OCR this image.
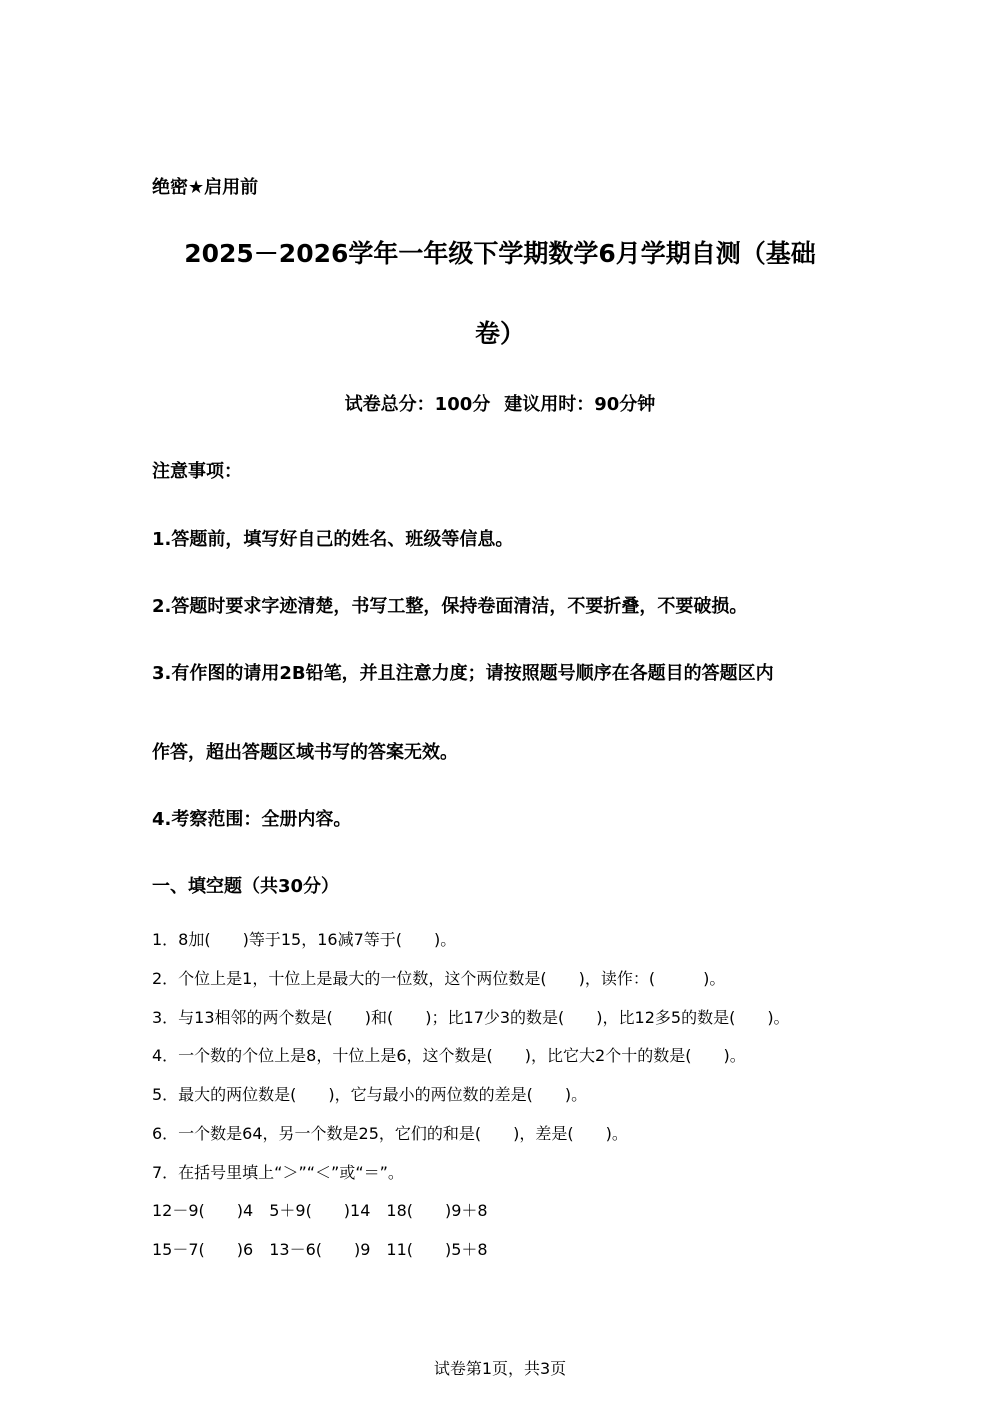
绝密★启用前
2025－2026学年一年级下学期数学6月学期自测（基础
卷）
试卷总分：100分 建议用时：90分钟
注意事项：
1.答题前，填写好自己的姓名、班级等信息。
2.答题时要求字迹清楚，书写工整，保持卷面清洁，不要折叠，不要破损。
3.有作图的请用2B铅笔，并且注意力度；请按照题号顺序在各题目的答题区内
作答，超出答题区域书写的答案无效。
4.考察范围：全册内容。
一、填空题（共30分）
1．8加(　　)等于15，16减7等于(　　)。
2．个位上是1，十位上是最大的一位数，这个两位数是(　　)，读作：(　　　)。
3．与13相邻的两个数是(　　)和(　　)；比17少3的数是(　　)，比12多5的数是(　　)。
4．一个数的个位上是8，十位上是6，这个数是(　　)，比它大2个十的数是(　　)。
5．最大的两位数是(　　)，它与最小的两位数的差是(　　)。
6．一个数是64，另一个数是25，它们的和是(　　)，差是(　　)。
7．在括号里填上“＞”“＜”或“＝”。
12－9(　　)4　5＋9(　　)14　18(　　)9＋8
15－7(　　)6　13－6(　　)9　11(　　)5＋8
试卷第1页，共3页
